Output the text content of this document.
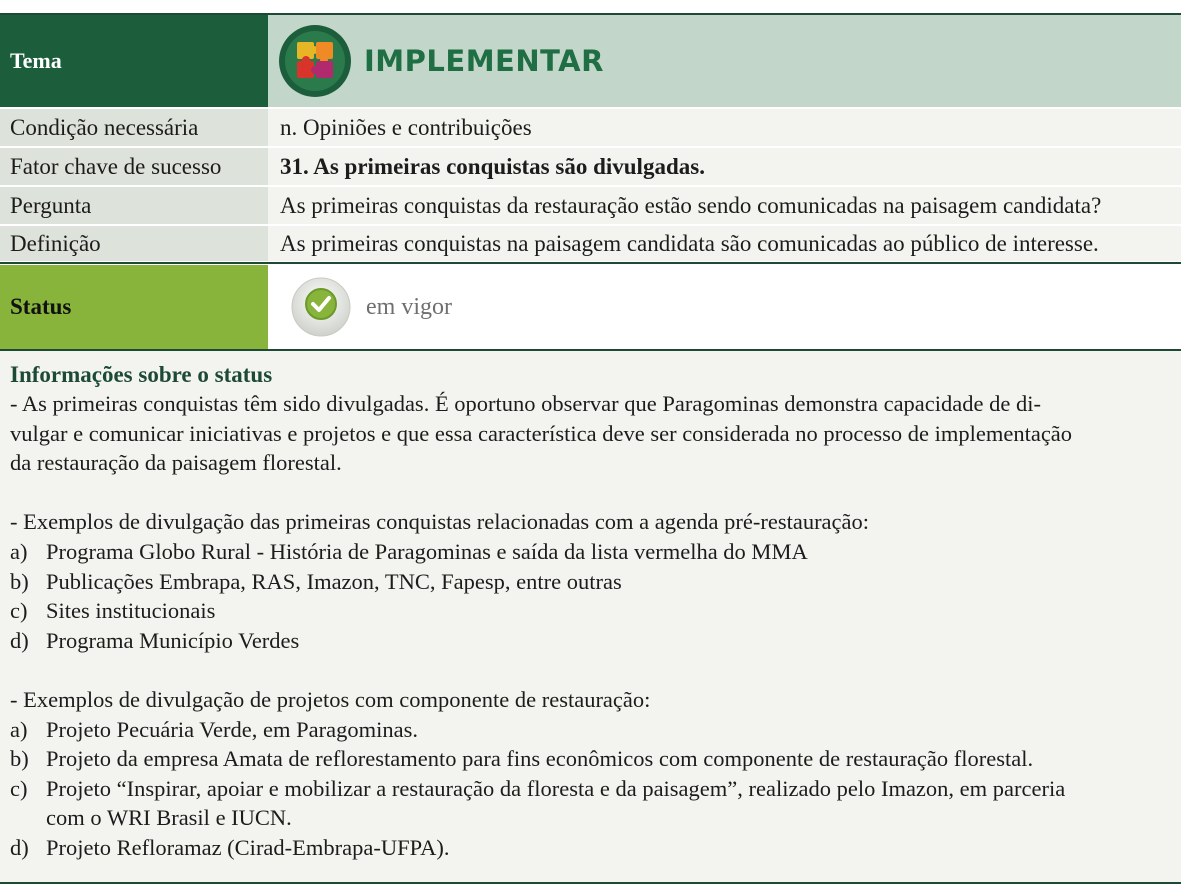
Tema	IMPLEMENTAR
Condição necessária	n. Opiniões e contribuições
Fator chave de sucesso	31. As primeiras conquistas são divulgadas.
Pergunta	As primeiras conquistas da restauração estão sendo comunicadas na paisagem candidata?
Definição	As primeiras conquistas na paisagem candidata são comunicadas ao público de interesse.
Status	em vigor
Informações sobre o status

- As primeiras conquistas têm sido divulgadas. É oportuno observar que Paragominas demonstra capacidade de di-

vulgar e comunicar iniciativas e projetos e que essa característica deve ser considerada no processo de implementação

da restauração da paisagem florestal.

- Exemplos de divulgação das primeiras conquistas relacionadas com a agenda pré-restauração:

a) Programa Globo Rural - História de Paragominas e saída da lista vermelha do MMA
b) Publicações Embrapa, RAS, Imazon, TNC, Fapesp, entre outras
c) Sites institucionais
d) Programa Município Verdes

- Exemplos de divulgação de projetos com componente de restauração:

a) Projeto Pecuária Verde, em Paragominas.
b) Projeto da empresa Amata de reflorestamento para fins econômicos com componente de restauração florestal.
c) Projeto “Inspirar, apoiar e mobilizar a restauração da floresta e da paisagem”, realizado pelo Imazon, em parceria
com o WRI Brasil e IUCN.
d) Projeto Refloramaz (Cirad-Embrapa-UFPA).
